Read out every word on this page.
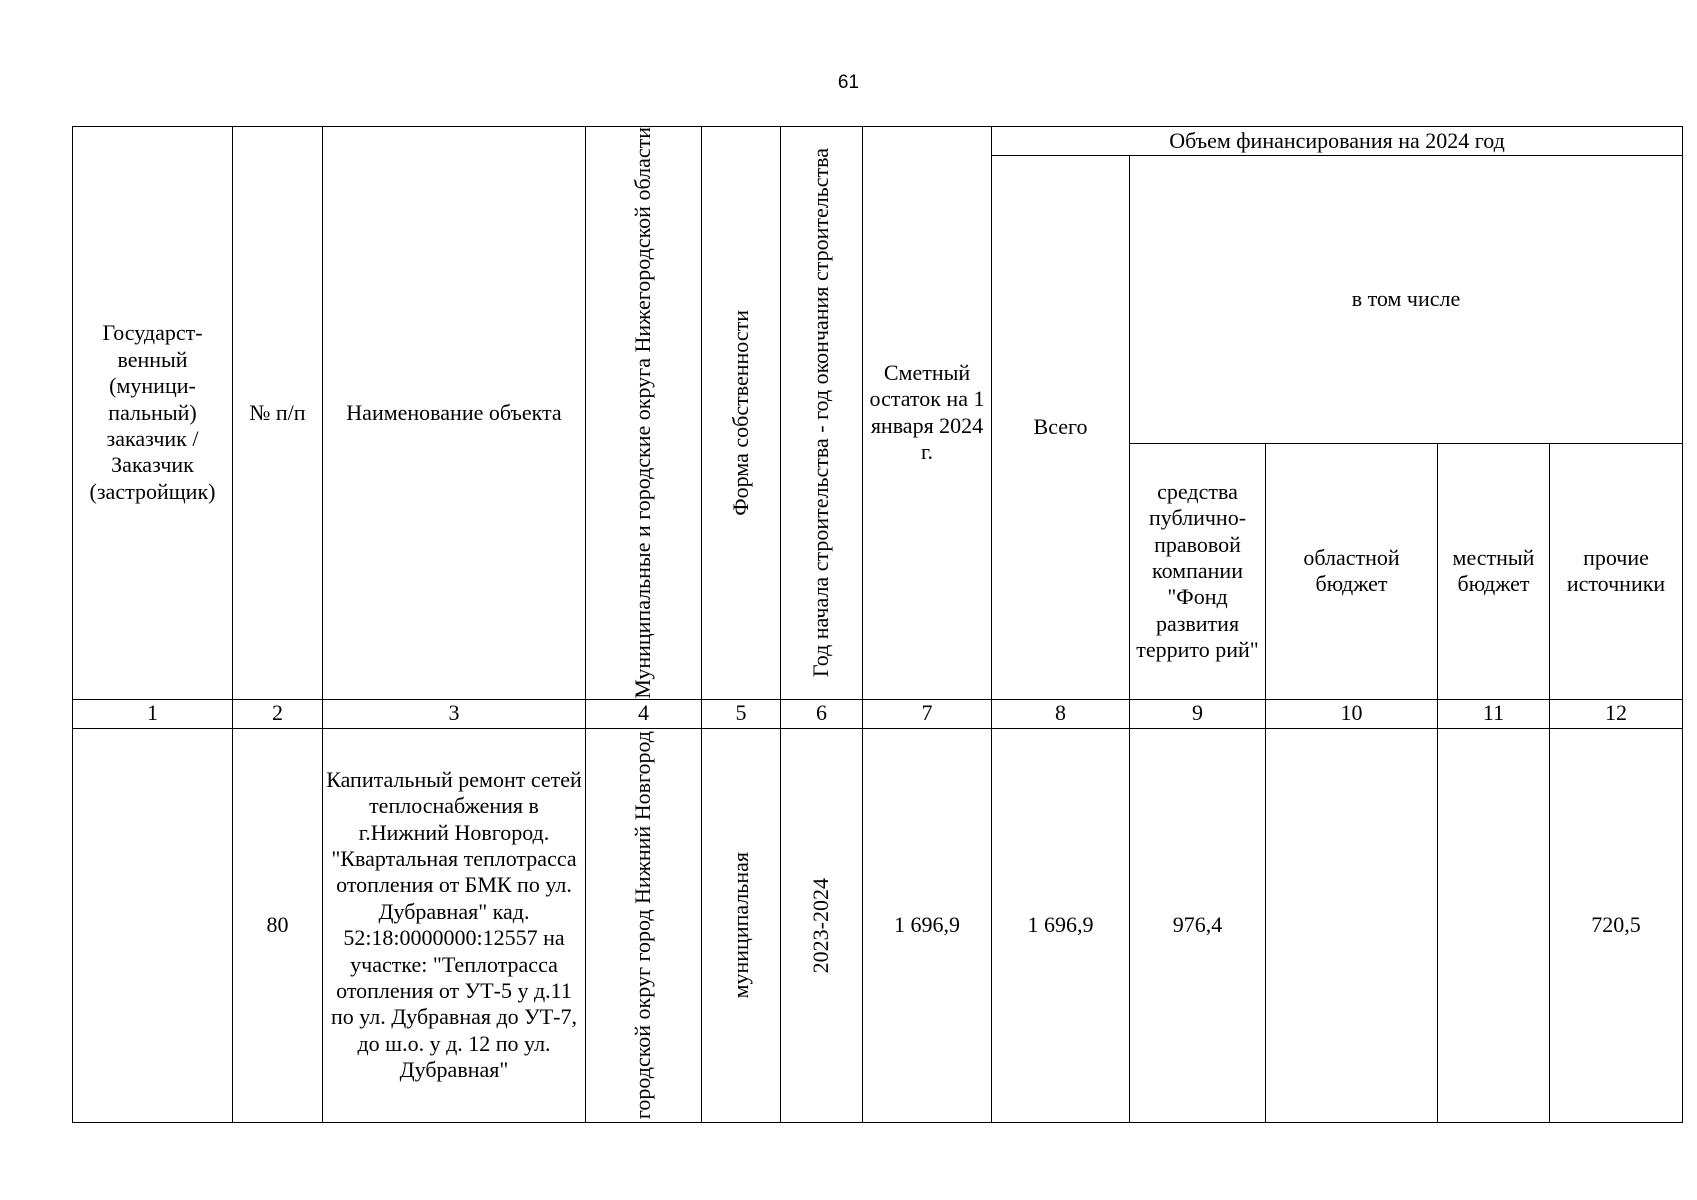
61
Государст-венный (муници-пальный) заказчик / Заказчик (застройщик)	№ п/п	Наименование объекта	Муниципальные и городские округа Нижегородской области	Форма собственности	Год начала строительства - год окончания строительства	Сметный остаток на 1 января 2024 г.	Объем финансирования на 2024 год				
							Всего	в том числе			
								средства публично-правовой компании "Фонд развития террито рий"	областной бюджет	местный бюджет	прочие источники
1	2	3	4	5	6	7	8	9	10	11	12
	80	Капитальный ремонт сетей теплоснабжения в г.Нижний Новгород. "Квартальная теплотрасса отопления от БМК по ул. Дубравная" кад. 52:18:0000000:12557 на участке: "Теплотрасса отопления от УТ-5 у д.11 по ул. Дубравная до УТ-7, до ш.о. у д. 12 по ул. Дубравная"	городской округ город Нижний Новгород	муниципальная	2023-2024	1 696,9	1 696,9	976,4			720,5
